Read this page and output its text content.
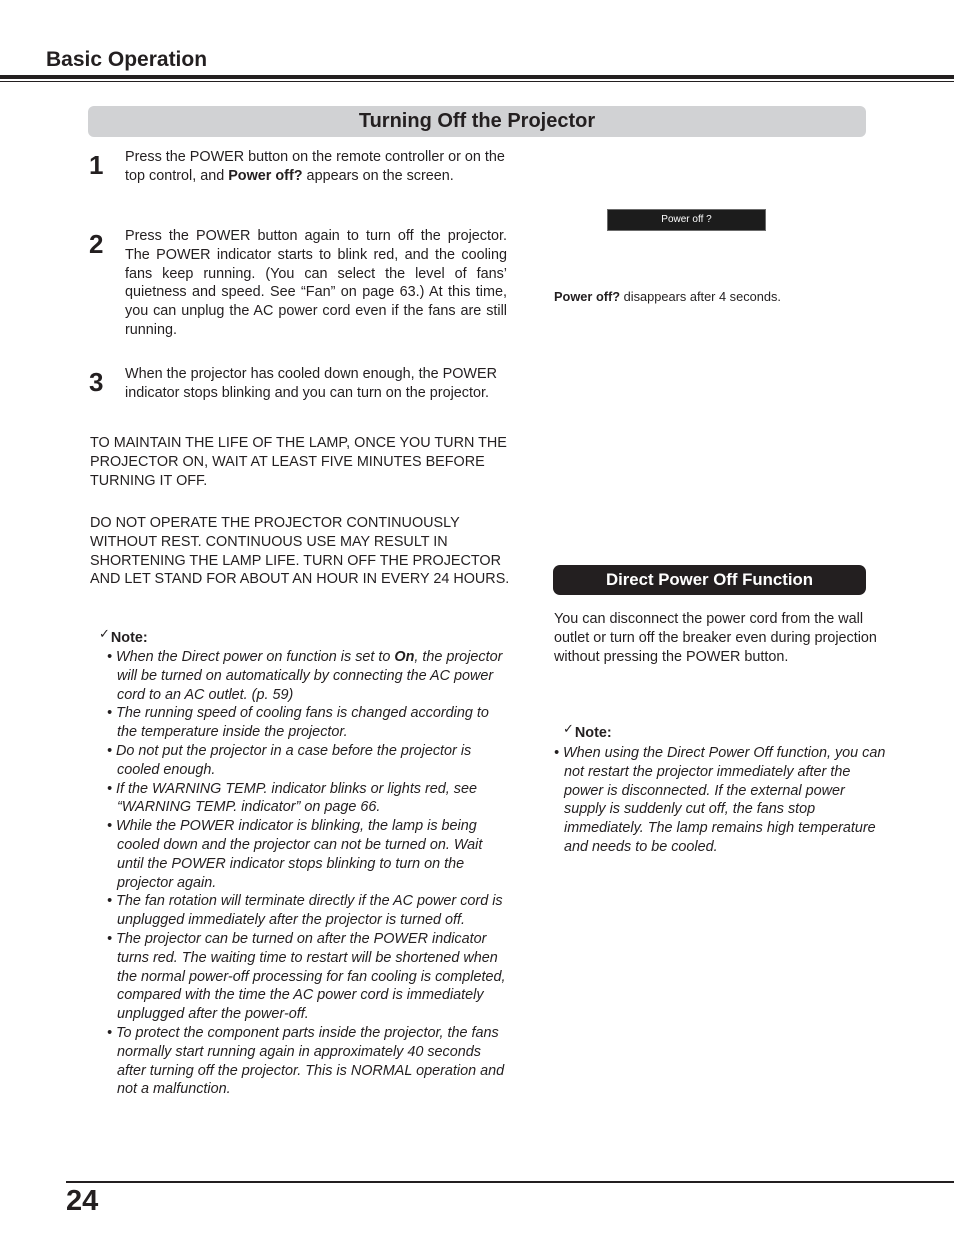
Basic Operation
Turning Off the Projector
1 Press the POWER button on the remote controller or on the top control, and Power off? appears on the screen.
2 Press the POWER button again to turn off the projector. The POWER indicator starts to blink red, and the cooling fans keep running. (You can select the level of fans’ quietness and speed. See “Fan” on page 63.) At this time, you can unplug the AC power cord even if the fans are still running.
3 When the projector has cooled down enough, the POWER indicator stops blinking and you can turn on the projector.
TO MAINTAIN THE LIFE OF THE LAMP, ONCE YOU TURN THE PROJECTOR ON, WAIT AT LEAST FIVE MINUTES BEFORE TURNING IT OFF.
DO NOT OPERATE THE PROJECTOR CONTINUOUSLY WITHOUT REST. CONTINUOUS USE MAY RESULT IN SHORTENING THE LAMP LIFE. TURN OFF THE PROJECTOR AND LET STAND FOR ABOUT AN HOUR IN EVERY 24 HOURS.
✓Note:
• When the Direct power on function is set to On, the projector will be turned on automatically by connecting the AC power cord to an AC outlet. (p. 59)
• The running speed of cooling fans is changed according to the temperature inside the projector.
• Do not put the projector in a case before the projector is cooled enough.
• If the WARNING TEMP. indicator blinks or lights red, see “WARNING TEMP. indicator” on page 66.
• While the POWER indicator is blinking, the lamp is being cooled down and the projector can not be turned on. Wait until the POWER indicator stops blinking to turn on the projector again.
• The fan rotation will terminate directly if the AC power cord is unplugged immediately after the projector is turned off.
• The projector can be turned on after the POWER indicator turns red. The waiting time to restart will be shortened when the normal power-off processing for fan cooling is completed, compared with the time the AC power cord is immediately unplugged after the power-off.
• To protect the component parts inside the projector, the fans normally start running again in approximately 40 seconds after turning off the projector. This is NORMAL operation and not a malfunction.
Power off ?
Power off? disappears after 4 seconds.
Direct Power Off Function
You can disconnect the power cord from the wall outlet or turn off the breaker even during projection without pressing the POWER button.
✓Note:
• When using the Direct Power Off function, you can not restart the projector immediately after the power is disconnected. If the external power supply is suddenly cut off, the fans stop immediately. The lamp remains high temperature and needs to be cooled.
24
